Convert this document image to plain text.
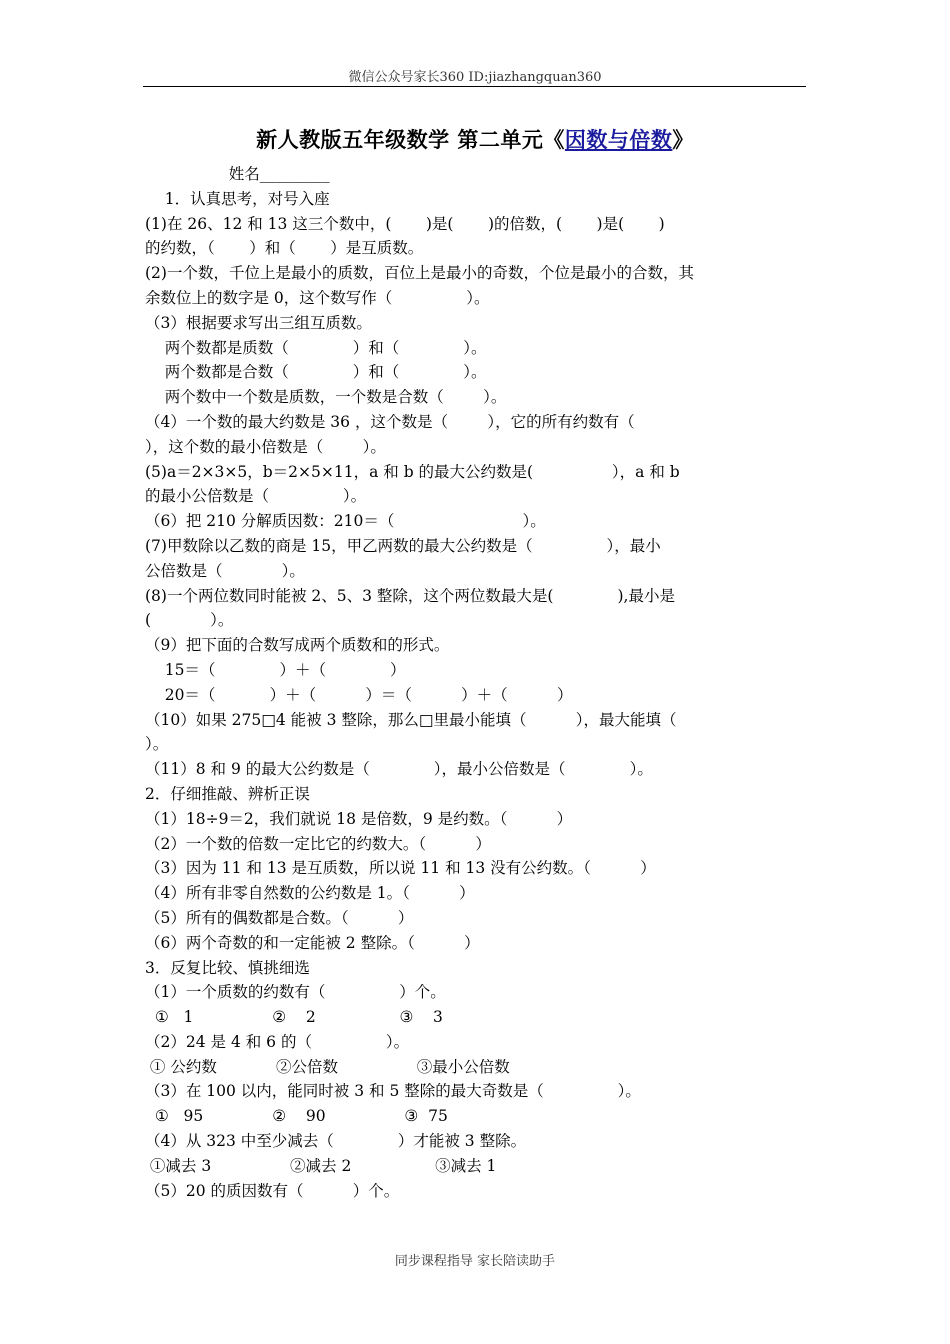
微信公众号家长360 ID:jiazhangquan360
新人教版五年级数学 第二单元《因数与倍数》
姓名_________
1．认真思考，对号入座
(1)在 26、12 和 13 这三个数中，(       )是(       )的倍数，(       )是(       )
的约数，（       ）和（       ）是互质数。
(2)一个数，千位上是最小的质数，百位上是最小的奇数，个位是最小的合数，其
余数位上的数字是 0，这个数写作（               ）。
（3）根据要求写出三组互质数。
两个数都是质数（             ）和（             ）。
两个数都是合数（             ）和（             ）。
两个数中一个数是质数，一个数是合数（        ）。
（4）一个数的最大约数是 36 ，这个数是（        ），它的所有约数有（
），这个数的最小倍数是（        ）。
(5)a＝2×3×5，b＝2×5×11，a 和 b 的最大公约数是(                ），a 和 b
的最小公倍数是（               ）。
（6）把 210 分解质因数：210＝（                          ）。
(7)甲数除以乙数的商是 15，甲乙两数的最大公约数是（               ），最小
公倍数是（            ）。
(8)一个两位数同时能被 2、5、3 整除，这个两位数最大是(             ),最小是
(            ）。
（9）把下面的合数写成两个质数和的形式。
15＝（             ）＋（             ）
20＝（           ）＋（          ）＝（          ）＋（          ）
（10）如果 275□4 能被 3 整除，那么□里最小能填（          ），最大能填（
）。
（11）8 和 9 的最大公约数是（             ），最小公倍数是（             ）。
2．仔细推敲、辨析正误
（1）18÷9＝2，我们就说 18 是倍数，9 是约数。（          ）
（2）一个数的倍数一定比它的约数大。（          ）
（3）因为 11 和 13 是互质数，所以说 11 和 13 没有公约数。（          ）
（4）所有非零自然数的公约数是 1。（          ）
（5）所有的偶数都是合数。（          ）
（6）两个奇数的和一定能被 2 整除。（          ）
3．反复比较、慎挑细选
（1）一个质数的约数有（               ）个。
①   1                ②    2                 ③    3
（2）24 是 4 和 6 的（               ）。
① 公约数            ②公倍数                ③最小公倍数
（3）在 100 以内，能同时被 3 和 5 整除的最大奇数是（               ）。
①   95              ②    90                ③  75
（4）从 323 中至少减去（             ）才能被 3 整除。
①减去 3                ②减去 2                 ③减去 1
（5）20 的质因数有（          ）个。
同步课程指导 家长陪读助手
